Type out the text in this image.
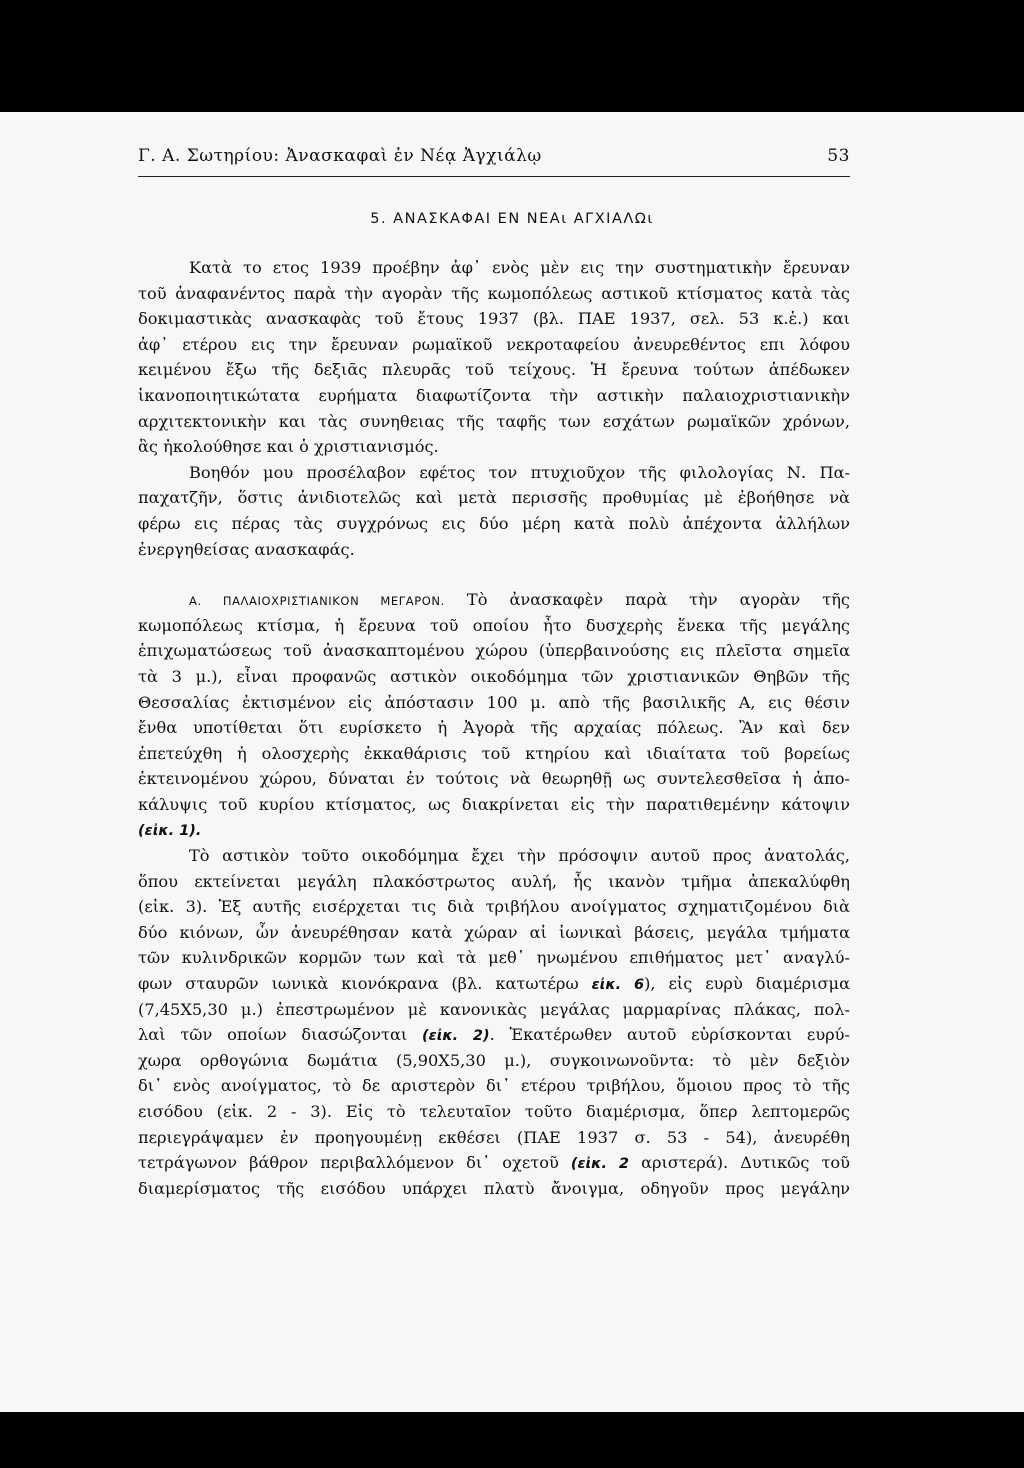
Γ. Α. Σωτηρίου: Ἀνασκαφαὶ ἐν Νέᾳ Ἀγχιάλῳ	53
5. ΑΝΑΣΚΑΦΑΙ ΕΝ ΝΕΑι ΑΓΧΙΑΛΩι
Κατὰ το ετος 1939 προέβην ἀφ᾽ ενὸς μὲν εις την συστηματικὴν ἔρευναν
τοῦ ἀναφανέντος παρὰ τὴν αγορὰν τῆς κωμοπόλεως αστικοῦ κτίσματος κατὰ τὰς
δοκιμαστικὰς ανασκαφὰς τοῦ ἔτους 1937 (βλ. ΠΑΕ 1937, σελ. 53 κ.ἑ.) και
ἀφ᾽ ετέρου εις την ἔρευναν ρωμαϊκοῦ νεκροταφείου ἀνευρεθέντος επι λόφου
κειμένου ἔξω τῆς δεξιᾶς πλευρᾶς τοῦ τείχους. Ἡ ἔρευνα τούτων ἀπέδωκεν
ἱκανοποιητικώτατα ευρήματα διαφωτίζοντα τὴν αστικὴν παλαιοχριστιανικὴν
αρχιτεκτονικὴν και τὰς συνηθειας τῆς ταφῆς των εσχάτων ρωμαϊκῶν χρόνων,
ἃς ἠκολούθησε και ὁ χριστιανισμός.
Βοηθόν μου προσέλαβον εφέτος τον πτυχιοῦχον τῆς φιλολογίας Ν. Πα-
παχατζῆν, ὅστις ἀνιδιοτελῶς καὶ μετὰ περισσῆς προθυμίας μὲ ἐβοήθησε νὰ
φέρω εις πέρας τὰς συγχρόνως εις δύο μέρη κατὰ πολὺ ἀπέχοντα ἀλλήλων
ἐνεργηθείσας ανασκαφάς.
Α. ΠΑΛΑΙΟΧΡΙΣΤΙΑΝΙΚΟΝ ΜΕΓΑΡΟΝ. Τὸ ἀνασκαφὲν παρὰ τὴν αγορὰν τῆς
κωμοπόλεως κτίσμα, ἡ ἔρευνα τοῦ οποίου ἦτο δυσχερὴς ἕνεκα τῆς μεγάλης
ἐπιχωματώσεως τοῦ ἀνασκαπτομένου χώρου (ὑπερβαινούσης εις πλεῖστα σημεῖα
τὰ 3 μ.), εἶναι προφανῶς αστικὸν οικοδόμημα τῶν χριστιανικῶν Θηβῶν τῆς
Θεσσαλίας ἐκτισμένον εἰς ἀπόστασιν 100 μ. απὸ τῆς βασιλικῆς Α, εις θέσιν
ἔνθα υποτίθεται ὅτι ευρίσκετο ἡ Ἀγορὰ τῆς αρχαίας πόλεως. Ἂν καὶ δεν
ἐπετεύχθη ἡ ολοσχερὴς ἐκκαθάρισις τοῦ κτηρίου καὶ ιδιαίτατα τοῦ βορείως
ἐκτεινομένου χώρου, δύναται ἐν τούτοις νὰ θεωρηθῇ ως συντελεσθεῖσα ἡ ἀπο-
κάλυψις τοῦ κυρίου κτίσματος, ως διακρίνεται εἰς τὴν παρατιθεμένην κάτοψιν
(εἰκ. 1).
Τὸ αστικὸν τοῦτο οικοδόμημα ἔχει τὴν πρόσοψιν αυτοῦ προς ἀνατολάς,
ὅπου εκτείνεται μεγάλη πλακόστρωτος αυλή, ἧς ικανὸν τμῆμα ἀπεκαλύφθη
(εἰκ. 3). Ἐξ αυτῆς εισέρχεται τις διὰ τριβήλου ανοίγματος σχηματιζομένου διὰ
δύο κιόνων, ὧν ἀνευρέθησαν κατὰ χώραν αἱ ἰωνικαὶ βάσεις, μεγάλα τμήματα
τῶν κυλινδρικῶν κορμῶν των καὶ τὰ μεθ᾽ ηνωμένου επιθήματος μετ᾽ αναγλύ-
φων σταυρῶν ιωνικὰ κιονόκρανα (βλ. κατωτέρω εἰκ. 6), εἰς ευρὺ διαμέρισμα
(7,45Χ5,30 μ.) ἐπεστρωμένον μὲ κανονικὰς μεγάλας μαρμαρίνας πλάκας, πολ-
λαὶ τῶν οποίων διασώζονται (εἰκ. 2). Ἑκατέρωθεν αυτοῦ εὑρίσκονται ευρύ-
χωρα ορθογώνια δωμάτια (5,90Χ5,30 μ.), συγκοινωνοῦντα: τὸ μὲν δεξιὸν
δι᾽ ενὸς ανοίγματος, τὸ δε αριστερὸν δι᾽ ετέρου τριβήλου, ὅμοιου προς τὸ τῆς
εισόδου (εἰκ. 2 - 3). Εἰς τὸ τελευταῖον τοῦτο διαμέρισμα, ὅπερ λεπτομερῶς
περιεγράψαμεν ἐν προηγουμένῃ εκθέσει (ΠΑΕ 1937 σ. 53 - 54), ἀνευρέθη
τετράγωνον βάθρον περιβαλλόμενον δι᾽ οχετοῦ (εἰκ. 2 αριστερά). Δυτικῶς τοῦ
διαμερίσματος τῆς εισόδου υπάρχει πλατὺ ἄνοιγμα, οδηγοῦν προς μεγάλην
